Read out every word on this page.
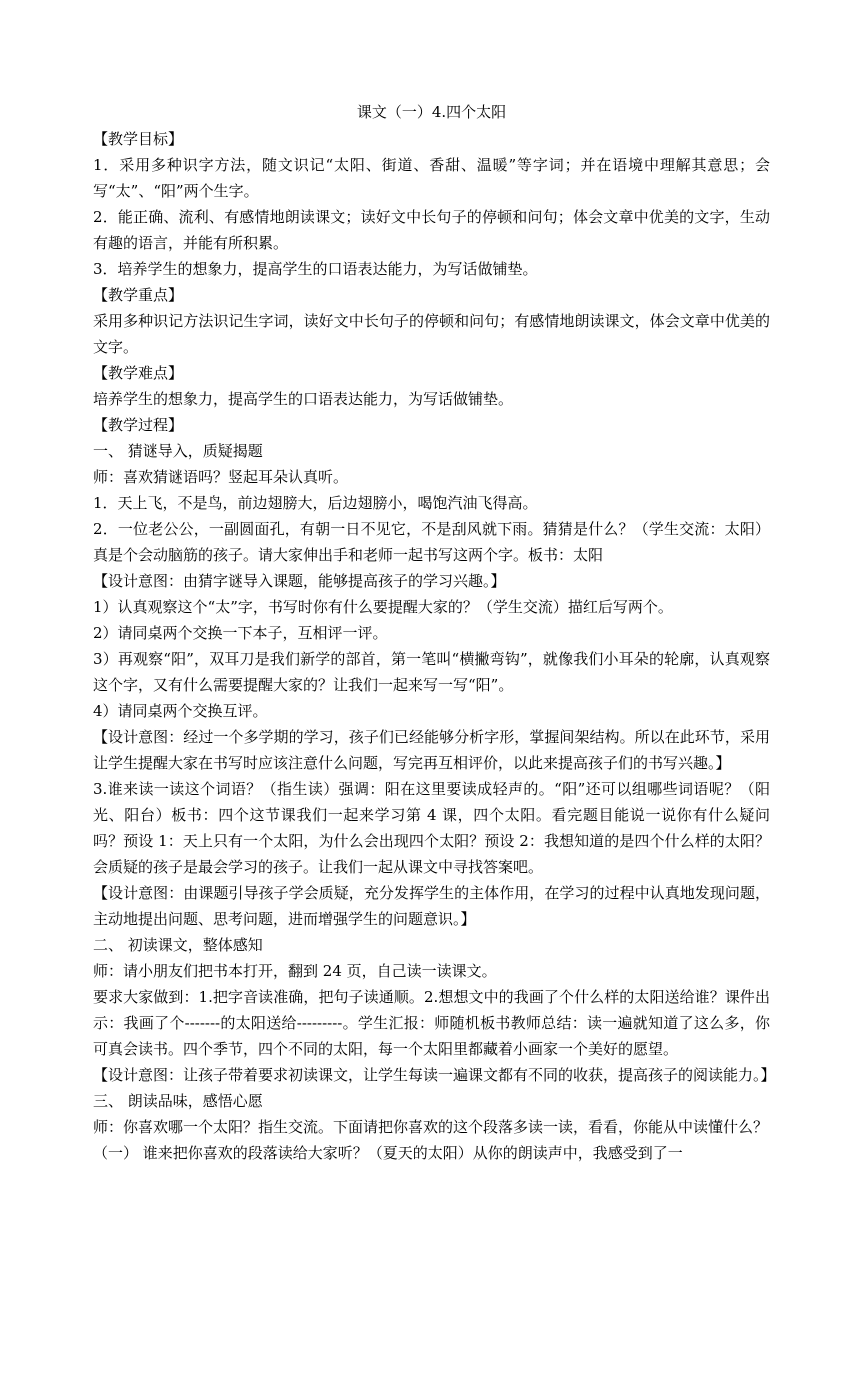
课文（一）4.四个太阳

【教学目标】

1．采用多种识字方法，随文识记“太阳、街道、香甜、温暖”等字词；并在语境中理解其意思；会写“太”、“阳”两个生字。

2．能正确、流利、有感情地朗读课文；读好文中长句子的停顿和问句；体会文章中优美的文字，生动有趣的语言，并能有所积累。

3．培养学生的想象力，提高学生的口语表达能力，为写话做铺垫。

【教学重点】

采用多种识记方法识记生字词，读好文中长句子的停顿和问句；有感情地朗读课文，体会文章中优美的文字。

【教学难点】

培养学生的想象力，提高学生的口语表达能力，为写话做铺垫。

【教学过程】

一、 猜谜导入，质疑揭题

师：喜欢猜谜语吗？竖起耳朵认真听。

1．天上飞，不是鸟，前边翅膀大，后边翅膀小，喝饱汽油飞得高。

2．一位老公公，一副圆面孔，有朝一日不见它，不是刮风就下雨。猜猜是什么？（学生交流：太阳）真是个会动脑筋的孩子。请大家伸出手和老师一起书写这两个字。板书：太阳

【设计意图：由猜字谜导入课题，能够提高孩子的学习兴趣。】

1）认真观察这个“太”字，书写时你有什么要提醒大家的？（学生交流）描红后写两个。

2）请同桌两个交换一下本子，互相评一评。

3）再观察“阳”，双耳刀是我们新学的部首，第一笔叫“横撇弯钩”，就像我们小耳朵的轮廓，认真观察这个字，又有什么需要提醒大家的？让我们一起来写一写“阳”。

4）请同桌两个交换互评。

【设计意图：经过一个多学期的学习，孩子们已经能够分析字形，掌握间架结构。所以在此环节，采用让学生提醒大家在书写时应该注意什么问题，写完再互相评价，以此来提高孩子们的书写兴趣。】

3.谁来读一读这个词语？（指生读）强调：阳在这里要读成轻声的。“阳”还可以组哪些词语呢？（阳光、阳台）板书：四个这节课我们一起来学习第 4 课，四个太阳。看完题目能说一说你有什么疑问吗？预设 1：天上只有一个太阳，为什么会出现四个太阳？预设 2：我想知道的是四个什么样的太阳？会质疑的孩子是最会学习的孩子。让我们一起从课文中寻找答案吧。

【设计意图：由课题引导孩子学会质疑，充分发挥学生的主体作用，在学习的过程中认真地发现问题，主动地提出问题、思考问题，进而增强学生的问题意识。】

二、 初读课文，整体感知

师：请小朋友们把书本打开，翻到 24 页，自己读一读课文。

要求大家做到：1.把字音读准确，把句子读通顺。2.想想文中的我画了个什么样的太阳送给谁？课件出示：我画了个-------的太阳送给---------。学生汇报：师随机板书教师总结：读一遍就知道了这么多，你可真会读书。四个季节，四个不同的太阳，每一个太阳里都藏着小画家一个美好的愿望。

【设计意图：让孩子带着要求初读课文，让学生每读一遍课文都有不同的收获，提高孩子的阅读能力。】

三、 朗读品味，感悟心愿

师：你喜欢哪一个太阳？指生交流。下面请把你喜欢的这个段落多读一读，看看，你能从中读懂什么？

（一） 谁来把你喜欢的段落读给大家听？（夏天的太阳）从你的朗读声中，我感受到了一
